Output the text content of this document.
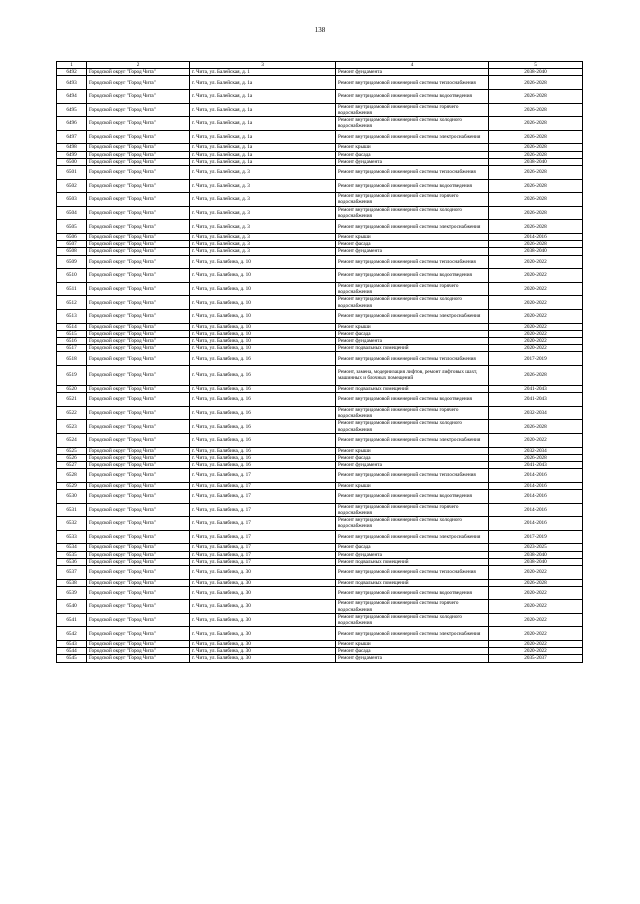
138
1	2	3	4	5
6492	Городской округ "Город Чита"	г. Чита, ул. Балейская, д. 1	Ремонт фундамента	2038-2040
6493	Городской округ "Город Чита"	г. Чита, ул. Балейская, д. 1а	Ремонт внутридомовой инженерной системы теплоснабжения	2026-2028
6494	Городской округ "Город Чита"	г. Чита, ул. Балейская, д. 1а	Ремонт внутридомовой инженерной системы водоотведения	2026-2028
6495	Городской округ "Город Чита"	г. Чита, ул. Балейская, д. 1а	Ремонт внутридомовой инженерной системы горячего водоснабжения	2026-2028
6496	Городской округ "Город Чита"	г. Чита, ул. Балейская, д. 1а	Ремонт внутридомовой инженерной системы холодного водоснабжения	2026-2028
6497	Городской округ "Город Чита"	г. Чита, ул. Балейская, д. 1а	Ремонт внутридомовой инженерной системы электроснабжения	2026-2028
6498	Городской округ "Город Чита"	г. Чита, ул. Балейская, д. 1а	Ремонт крыши	2026-2028
6499	Городской округ "Город Чита"	г. Чита, ул. Балейская, д. 1а	Ремонт фасада	2026-2028
6500	Городской округ "Город Чита"	г. Чита, ул. Балейская, д. 1а	Ремонт фундамента	2038-2040
6501	Городской округ "Город Чита"	г. Чита, ул. Балейская, д. 3	Ремонт внутридомовой инженерной системы теплоснабжения	2026-2028
6502	Городской округ "Город Чита"	г. Чита, ул. Балейская, д. 3	Ремонт внутридомовой инженерной системы водоотведения	2026-2028
6503	Городской округ "Город Чита"	г. Чита, ул. Балейская, д. 3	Ремонт внутридомовой инженерной системы горячего водоснабжения	2026-2028
6504	Городской округ "Город Чита"	г. Чита, ул. Балейская, д. 3	Ремонт внутридомовой инженерной системы холодного водоснабжения	2026-2028
6505	Городской округ "Город Чита"	г. Чита, ул. Балейская, д. 3	Ремонт внутридомовой инженерной системы электроснабжения	2026-2028
6506	Городской округ "Город Чита"	г. Чита, ул. Балейская, д. 3	Ремонт крыши	2014-2016
6507	Городской округ "Город Чита"	г. Чита, ул. Балейская, д. 3	Ремонт фасада	2026-2028
6508	Городской округ "Город Чита"	г. Чита, ул. Балейская, д. 3	Ремонт фундамента	2038-2040
6509	Городской округ "Город Чита"	г. Чита, ул. Балябина, д. 10	Ремонт внутридомовой инженерной системы теплоснабжения	2020-2022
6510	Городской округ "Город Чита"	г. Чита, ул. Балябина, д. 10	Ремонт внутридомовой инженерной системы водоотведения	2020-2022
6511	Городской округ "Город Чита"	г. Чита, ул. Балябина, д. 10	Ремонт внутридомовой инженерной системы горячего водоснабжения	2020-2022
6512	Городской округ "Город Чита"	г. Чита, ул. Балябина, д. 10	Ремонт внутридомовой инженерной системы холодного водоснабжения	2020-2022
6513	Городской округ "Город Чита"	г. Чита, ул. Балябина, д. 10	Ремонт внутридомовой инженерной системы электроснабжения	2020-2022
6514	Городской округ "Город Чита"	г. Чита, ул. Балябина, д. 10	Ремонт крыши	2020-2022
6515	Городской округ "Город Чита"	г. Чита, ул. Балябина, д. 10	Ремонт фасада	2020-2022
6516	Городской округ "Город Чита"	г. Чита, ул. Балябина, д. 10	Ремонт фундамента	2020-2022
6517	Городской округ "Город Чита"	г. Чита, ул. Балябина, д. 10	Ремонт подвальных помещений	2020-2022
6518	Городской округ "Город Чита"	г. Чита, ул. Балябина, д. 16	Ремонт внутридомовой инженерной системы теплоснабжения	2017-2019
6519	Городской округ "Город Чита"	г. Чита, ул. Балябина, д. 16	Ремонт, замена, модернизация лифтов, ремонт лифтовых шахт, машинных и блочных помещений	2026-2028
6520	Городской округ "Город Чита"	г. Чита, ул. Балябина, д. 16	Ремонт подвальных помещений	2041-2043
6521	Городской округ "Город Чита"	г. Чита, ул. Балябина, д. 16	Ремонт внутридомовой инженерной системы водоотведения	2041-2043
6522	Городской округ "Город Чита"	г. Чита, ул. Балябина, д. 16	Ремонт внутридомовой инженерной системы горячего водоснабжения	2032-2034
6523	Городской округ "Город Чита"	г. Чита, ул. Балябина, д. 16	Ремонт внутридомовой инженерной системы холодного водоснабжения	2026-2028
6524	Городской округ "Город Чита"	г. Чита, ул. Балябина, д. 16	Ремонт внутридомовой инженерной системы электроснабжения	2020-2022
6525	Городской округ "Город Чита"	г. Чита, ул. Балябина, д. 16	Ремонт крыши	2032-2034
6526	Городской округ "Город Чита"	г. Чита, ул. Балябина, д. 16	Ремонт фасада	2026-2028
6527	Городской округ "Город Чита"	г. Чита, ул. Балябина, д. 16	Ремонт фундамента	2041-2043
6528	Городской округ "Город Чита"	г. Чита, ул. Балябина, д. 17	Ремонт внутридомовой инженерной системы теплоснабжения	2014-2016
6529	Городской округ "Город Чита"	г. Чита, ул. Балябина, д. 17	Ремонт крыши	2014-2016
6530	Городской округ "Город Чита"	г. Чита, ул. Балябина, д. 17	Ремонт внутридомовой инженерной системы водоотведения	2014-2016
6531	Городской округ "Город Чита"	г. Чита, ул. Балябина, д. 17	Ремонт внутридомовой инженерной системы горячего водоснабжения	2014-2016
6532	Городской округ "Город Чита"	г. Чита, ул. Балябина, д. 17	Ремонт внутридомовой инженерной системы холодного водоснабжения	2014-2016
6533	Городской округ "Город Чита"	г. Чита, ул. Балябина, д. 17	Ремонт внутридомовой инженерной системы электроснабжения	2017-2019
6534	Городской округ "Город Чита"	г. Чита, ул. Балябина, д. 17	Ремонт фасада	2023-2025
6535	Городской округ "Город Чита"	г. Чита, ул. Балябина, д. 17	Ремонт фундамента	2038-2040
6536	Городской округ "Город Чита"	г. Чита, ул. Балябина, д. 17	Ремонт подвальных помещений	2038-2040
6537	Городской округ "Город Чита"	г. Чита, ул. Балябина, д. 30	Ремонт внутридомовой инженерной системы теплоснабжения	2020-2022
6538	Городской округ "Город Чита"	г. Чита, ул. Балябина, д. 30	Ремонт подвальных помещений	2026-2028
6539	Городской округ "Город Чита"	г. Чита, ул. Балябина, д. 30	Ремонт внутридомовой инженерной системы водоотведения	2020-2022
6540	Городской округ "Город Чита"	г. Чита, ул. Балябина, д. 30	Ремонт внутридомовой инженерной системы горячего водоснабжения	2020-2022
6541	Городской округ "Город Чита"	г. Чита, ул. Балябина, д. 30	Ремонт внутридомовой инженерной системы холодного водоснабжения	2020-2022
6542	Городской округ "Город Чита"	г. Чита, ул. Балябина, д. 30	Ремонт внутридомовой инженерной системы электроснабжения	2020-2022
6543	Городской округ "Город Чита"	г. Чита, ул. Балябина, д. 30	Ремонт крыши	2020-2022
6544	Городской округ "Город Чита"	г. Чита, ул. Балябина, д. 30	Ремонт фасада	2020-2022
6545	Городской округ "Город Чита"	г. Чита, ул. Балябина, д. 30	Ремонт фундамента	2035-2037
